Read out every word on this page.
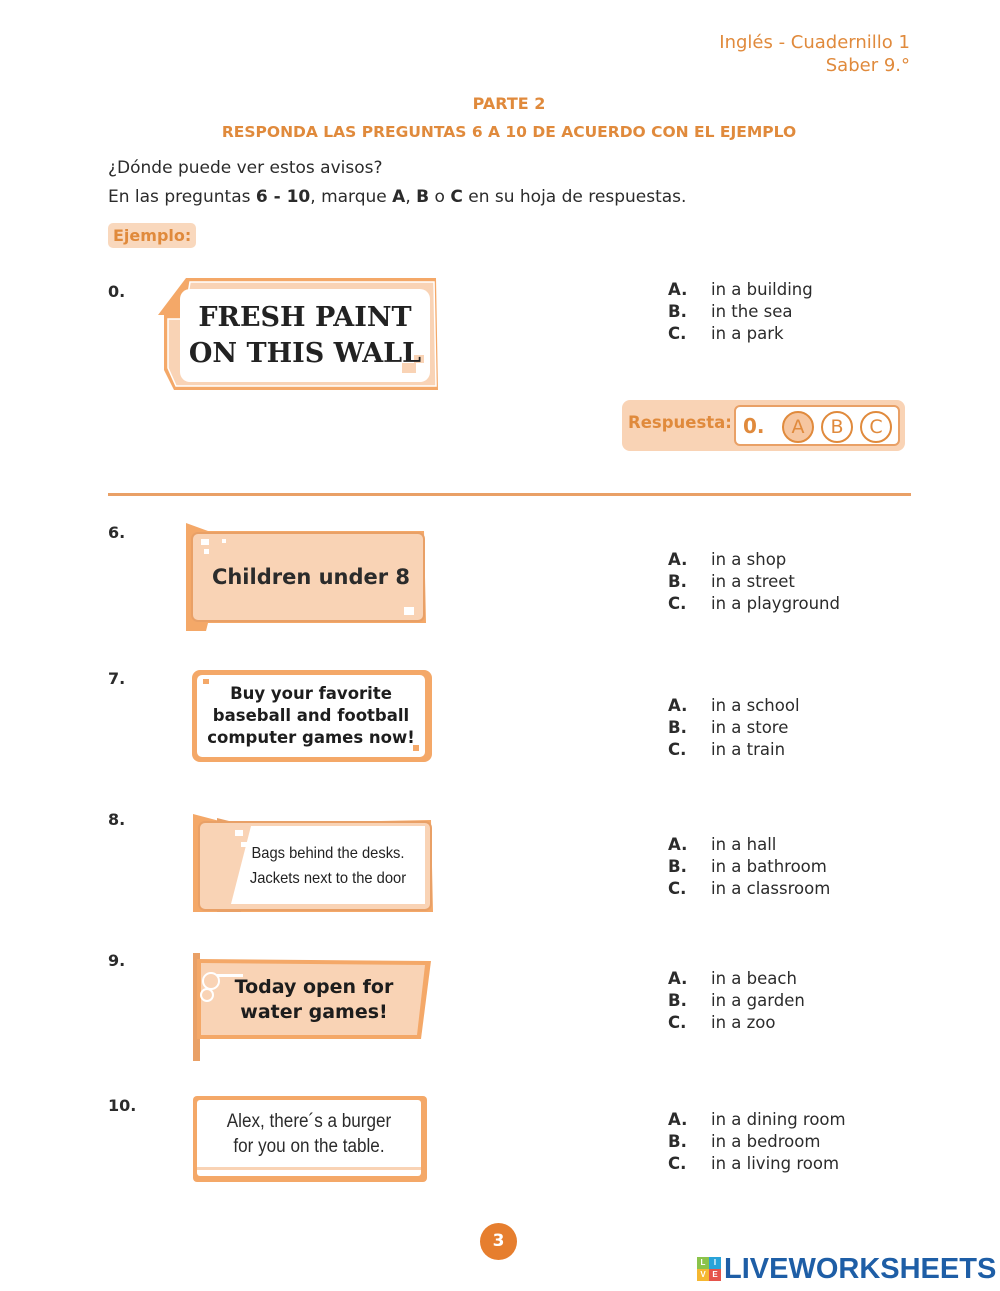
Inglés - Cuadernillo 1
Saber 9.°
PARTE 2
RESPONDA LAS PREGUNTAS 6 A 10 DE ACUERDO CON EL EJEMPLO
¿Dónde puede ver estos avisos?
En las preguntas 6 - 10, marque A, B o C en su hoja de respuestas.
Ejemplo:
0.
FRESH PAINT
ON THIS WALL
A.	in a building
B.	in the sea
C.	in a park
Respuesta: 0.	A	B	C
6.
Children under 8
A.	in a shop
B.	in a street
C.	in a playground
7.
Buy your favorite
baseball and football
computer games now!
A.	in a school
B.	in a store
C.	in a train
8.
Bags behind the desks.
Jackets next to the door
A.	in a hall
B.	in a bathroom
C.	in a classroom
9.
Today open for
water games!
A.	in a beach
B.	in a garden
C.	in a zoo
10.
Alex, there´s a burger
for you on the table.
A.	in a dining room
B.	in a bedroom
C.	in a living room
3
L	I
V E LIVEWORKSHEETS
